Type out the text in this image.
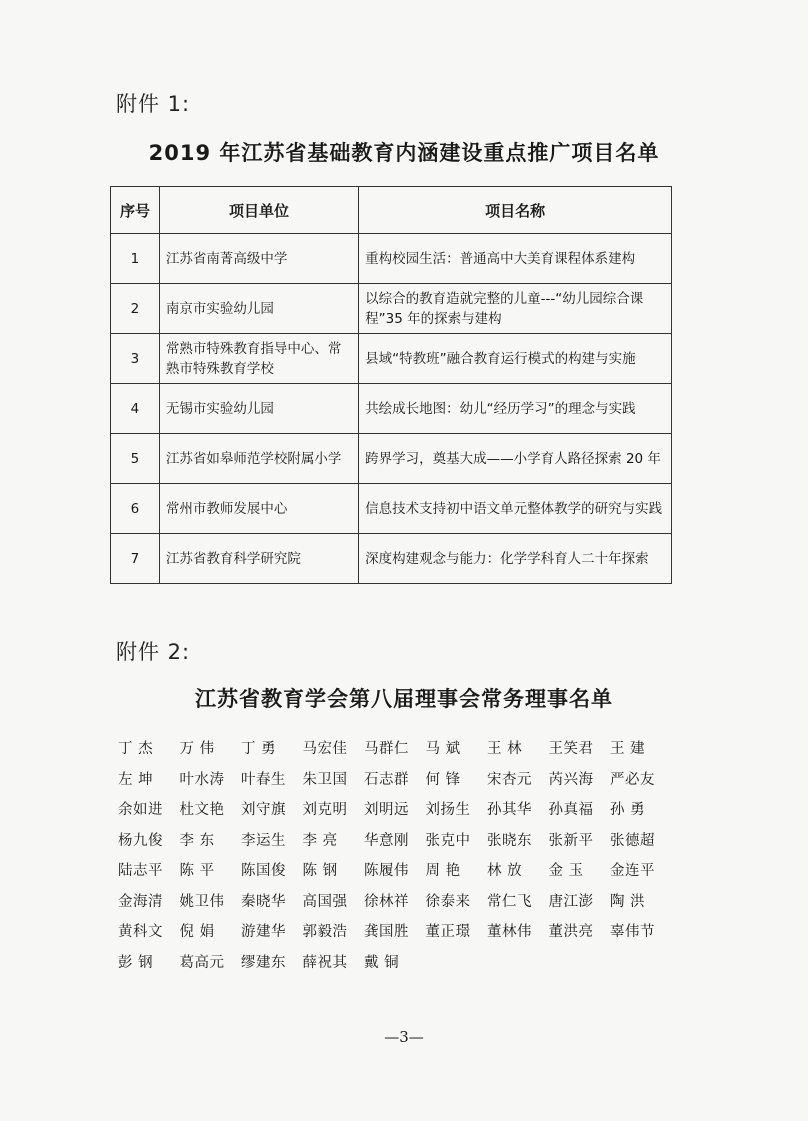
附件 1:
2019 年江苏省基础教育内涵建设重点推广项目名单
序号	项目单位	项目名称
1	江苏省南菁高级中学	重构校园生活：普通高中大美育课程体系建构
2	南京市实验幼儿园	以综合的教育造就完整的儿童---“幼儿园综合课程”35 年的探索与建构
3	常熟市特殊教育指导中心、常熟市特殊教育学校	县域“特教班”融合教育运行模式的构建与实施
4	无锡市实验幼儿园	共绘成长地图：幼儿“经历学习”的理念与实践
5	江苏省如皋师范学校附属小学	跨界学习，奠基大成——小学育人路径探索 20 年
6	常州市教师发展中心	信息技术支持初中语文单元整体教学的研究与实践
7	江苏省教育科学研究院	深度构建观念与能力：化学学科育人二十年探索
附件 2:
江苏省教育学会第八届理事会常务理事名单
丁 杰	万 伟	丁 勇	马宏佳	马群仁	马 斌	王 林	王笑君	王 建
左 坤	叶水涛	叶春生	朱卫国	石志群	何 锋	宋杏元	芮兴海	严必友
余如进	杜文艳	刘守旗	刘克明	刘明远	刘扬生	孙其华	孙真福	孙 勇
杨九俊	李 东	李运生	李 亮	华意刚	张克中	张晓东	张新平	张德超
陆志平	陈 平	陈国俊	陈 钢	陈履伟	周 艳	林 放	金 玉	金连平
金海清	姚卫伟	秦晓华	高国强	徐林祥	徐泰来	常仁飞	唐江澎	陶 洪
黄科文	倪 娟	游建华	郭毅浩	龚国胜	董正璟	董林伟	董洪亮	辜伟节
彭 钢	葛高元	缪建东	薛祝其	戴 铜
—3—
